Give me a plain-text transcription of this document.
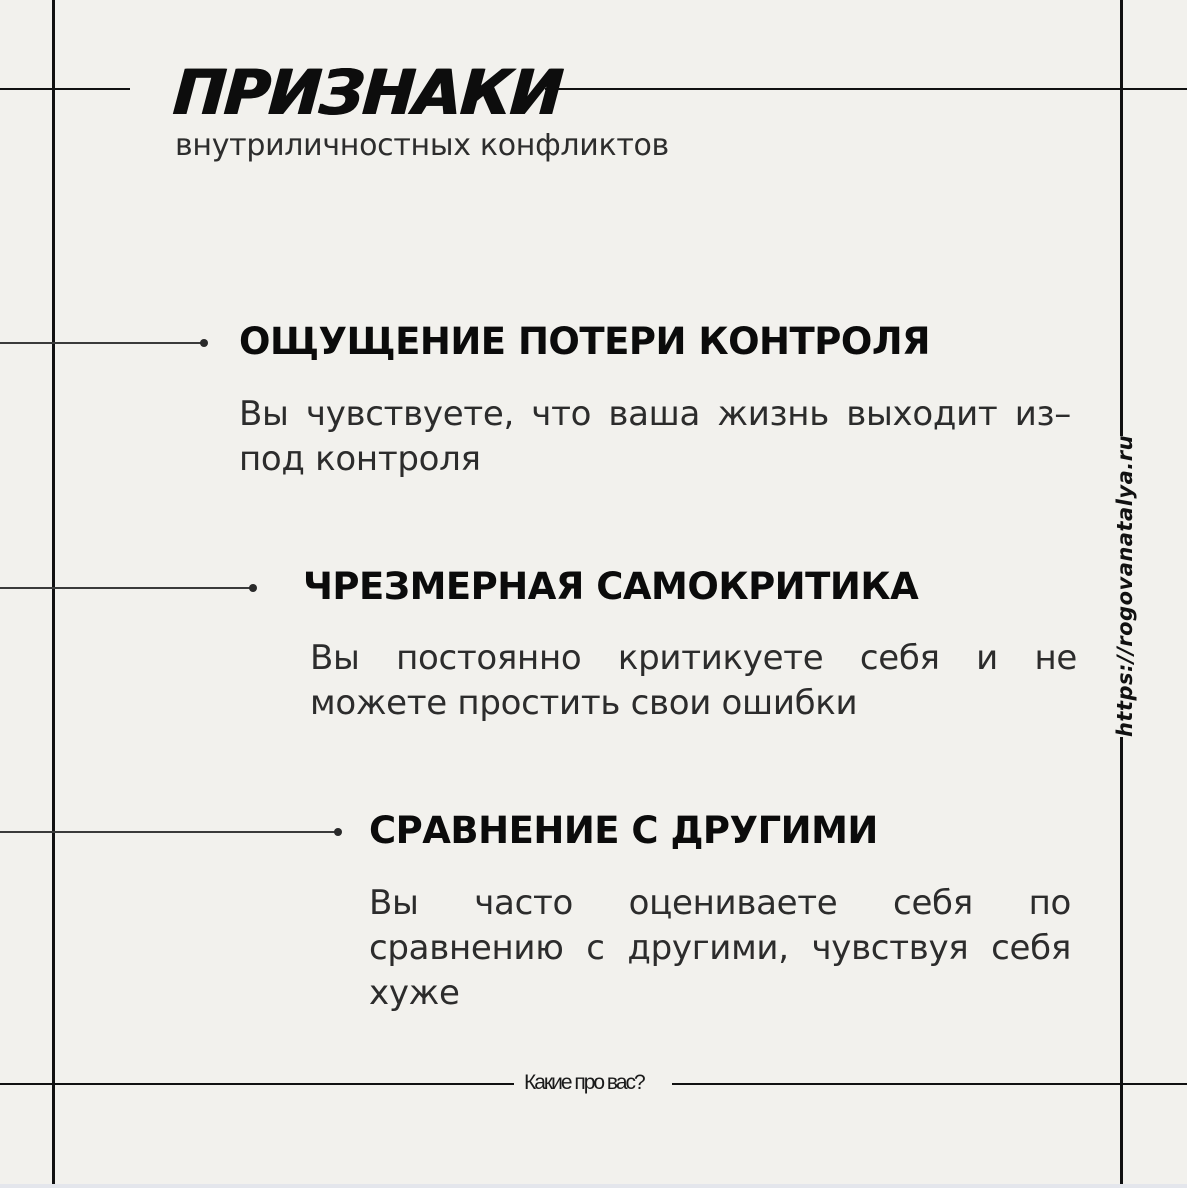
ПРИЗНАКИ

внутриличностных конфликтов

ОЩУЩЕНИЕ ПОТЕРИ КОНТРОЛЯ

Вы чувствуете, что ваша жизнь выходит из–под контроля

ЧРЕЗМЕРНАЯ САМОКРИТИКА

Вы постоянно критикуете себя и не можете простить свои ошибки

СРАВНЕНИЕ С ДРУГИМИ

Вы часто оцениваете себя по сравнению с другими, чувствуя себя хуже

https://rogovanatalya.ru
Какие про вас?
